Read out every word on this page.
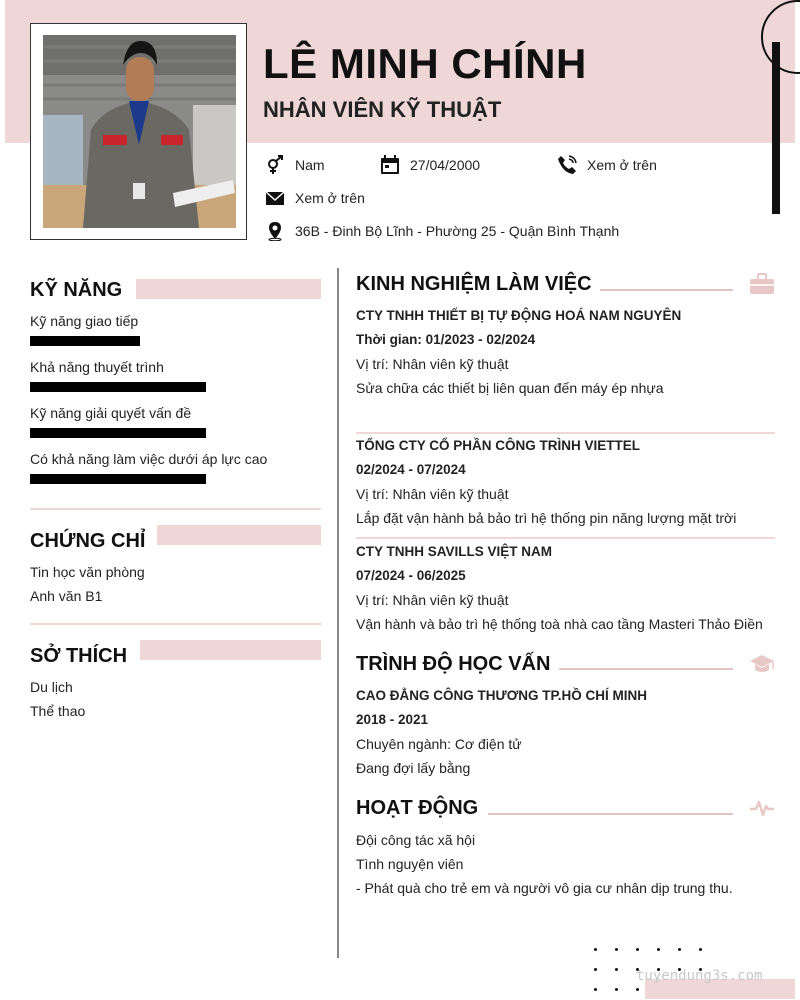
LÊ MINH CHÍNH
NHÂN VIÊN KỸ THUẬT
Nam	27/04/2000	Xem ở trên
Xem ở trên
36B - Đinh Bộ Lĩnh - Phường 25 - Quận Bình Thạnh
KỸ NĂNG
Kỹ năng giao tiếp
Khả năng thuyết trình
Kỹ năng giải quyết vấn đề
Có khả năng làm việc dưới áp lực cao
CHỨNG CHỈ
Tin học văn phòng
Anh văn B1
SỞ THÍCH
Du lịch
Thể thao
KINH NGHIỆM LÀM VIỆC
CTY TNHH THIẾT BỊ TỰ ĐỘNG HOÁ NAM NGUYÊN
Thời gian: 01/2023 - 02/2024
Vị trí: Nhân viên kỹ thuật
Sửa chữa các thiết bị liên quan đến máy ép nhựa
TỔNG CTY CỔ PHẦN CÔNG TRÌNH VIETTEL
02/2024 - 07/2024
Vị trí: Nhân viên kỹ thuật
Lắp đặt vận hành bả bảo trì hệ thống pin năng lượng mặt trời
CTY TNHH SAVILLS VIỆT NAM
07/2024 - 06/2025
Vị trí: Nhân viên kỹ thuật
Vận hành và bảo trì hệ thống toà nhà cao tầng Masteri Thảo Điền
TRÌNH ĐỘ HỌC VẤN
CAO ĐẲNG CÔNG THƯƠNG TP.HỒ CHÍ MINH
2018 - 2021
Chuyên ngành: Cơ điện tử
Đang đợi lấy bằng
HOẠT ĐỘNG
Đội công tác xã hội
Tình nguyện viên
- Phát quà cho trẻ em và người vô gia cư nhân dịp trung thu.
tuyendung3s.com
